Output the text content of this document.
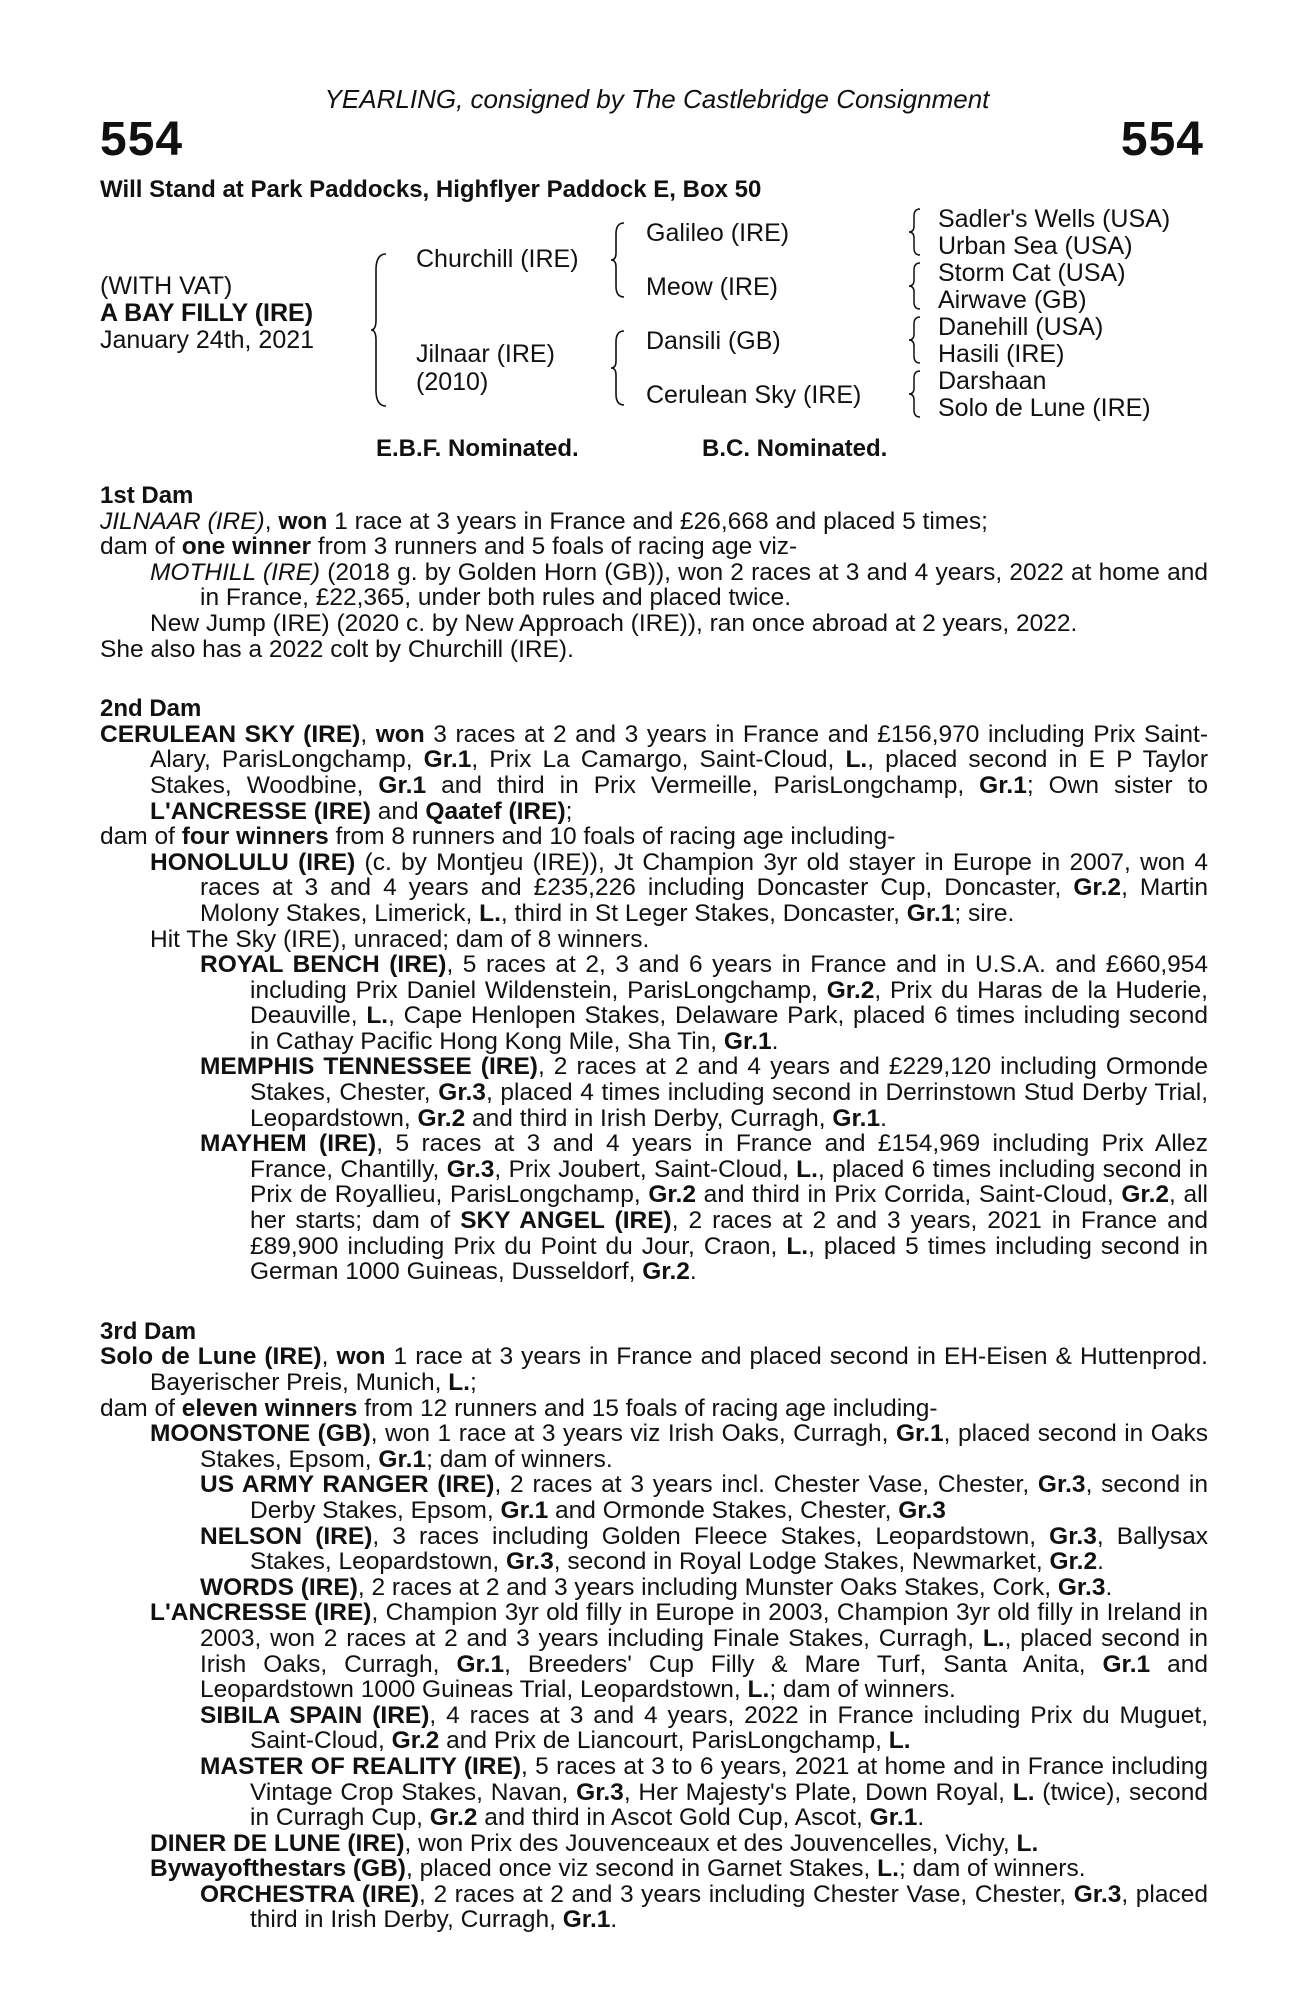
YEARLING, consigned by The Castlebridge Consignment
554	554
Will Stand at Park Paddocks, Highflyer Paddock E, Box 50
(WITH VAT)
A BAY FILLY (IRE)
January 24th, 2021
Churchill (IRE)
Jilnaar (IRE)
(2010)
Galileo (IRE)
Meow (IRE)
Dansili (GB)
Cerulean Sky (IRE)
Sadler's Wells (USA)
Urban Sea (USA)
Storm Cat (USA)
Airwave (GB)
Danehill (USA)
Hasili (IRE)
Darshaan
Solo de Lune (IRE)
E.B.F. Nominated.	B.C. Nominated.
1st Dam
JILNAAR (IRE), won 1 race at 3 years in France and £26,668 and placed 5 times;
dam of one winner from 3 runners and 5 foals of racing age viz-
MOTHILL (IRE) (2018 g. by Golden Horn (GB)), won 2 races at 3 and 4 years, 2022 at home and in France, £22,365, under both rules and placed twice.
New Jump (IRE) (2020 c. by New Approach (IRE)), ran once abroad at 2 years, 2022.
She also has a 2022 colt by Churchill (IRE).
2nd Dam
CERULEAN SKY (IRE), won 3 races at 2 and 3 years in France and £156,970 including Prix Saint-Alary, ParisLongchamp, Gr.1, Prix La Camargo, Saint-Cloud, L., placed second in E P Taylor Stakes, Woodbine, Gr.1 and third in Prix Vermeille, ParisLongchamp, Gr.1; Own sister to L'ANCRESSE (IRE) and Qaatef (IRE);
dam of four winners from 8 runners and 10 foals of racing age including-
HONOLULU (IRE) (c. by Montjeu (IRE)), Jt Champion 3yr old stayer in Europe in 2007, won 4 races at 3 and 4 years and £235,226 including Doncaster Cup, Doncaster, Gr.2, Martin Molony Stakes, Limerick, L., third in St Leger Stakes, Doncaster, Gr.1; sire.
Hit The Sky (IRE), unraced; dam of 8 winners.
ROYAL BENCH (IRE), 5 races at 2, 3 and 6 years in France and in U.S.A. and £660,954 including Prix Daniel Wildenstein, ParisLongchamp, Gr.2, Prix du Haras de la Huderie, Deauville, L., Cape Henlopen Stakes, Delaware Park, placed 6 times including second in Cathay Pacific Hong Kong Mile, Sha Tin, Gr.1.
MEMPHIS TENNESSEE (IRE), 2 races at 2 and 4 years and £229,120 including Ormonde Stakes, Chester, Gr.3, placed 4 times including second in Derrinstown Stud Derby Trial, Leopardstown, Gr.2 and third in Irish Derby, Curragh, Gr.1.
MAYHEM (IRE), 5 races at 3 and 4 years in France and £154,969 including Prix Allez France, Chantilly, Gr.3, Prix Joubert, Saint-Cloud, L., placed 6 times including second in Prix de Royallieu, ParisLongchamp, Gr.2 and third in Prix Corrida, Saint-Cloud, Gr.2, all her starts; dam of SKY ANGEL (IRE), 2 races at 2 and 3 years, 2021 in France and £89,900 including Prix du Point du Jour, Craon, L., placed 5 times including second in German 1000 Guineas, Dusseldorf, Gr.2.
3rd Dam
Solo de Lune (IRE), won 1 race at 3 years in France and placed second in EH-Eisen & Huttenprod. Bayerischer Preis, Munich, L.;
dam of eleven winners from 12 runners and 15 foals of racing age including-
MOONSTONE (GB), won 1 race at 3 years viz Irish Oaks, Curragh, Gr.1, placed second in Oaks Stakes, Epsom, Gr.1; dam of winners.
US ARMY RANGER (IRE), 2 races at 3 years incl. Chester Vase, Chester, Gr.3, second in Derby Stakes, Epsom, Gr.1 and Ormonde Stakes, Chester, Gr.3
NELSON (IRE), 3 races including Golden Fleece Stakes, Leopardstown, Gr.3, Ballysax Stakes, Leopardstown, Gr.3, second in Royal Lodge Stakes, Newmarket, Gr.2.
WORDS (IRE), 2 races at 2 and 3 years including Munster Oaks Stakes, Cork, Gr.3.
L'ANCRESSE (IRE), Champion 3yr old filly in Europe in 2003, Champion 3yr old filly in Ireland in 2003, won 2 races at 2 and 3 years including Finale Stakes, Curragh, L., placed second in Irish Oaks, Curragh, Gr.1, Breeders' Cup Filly & Mare Turf, Santa Anita, Gr.1 and Leopardstown 1000 Guineas Trial, Leopardstown, L.; dam of winners.
SIBILA SPAIN (IRE), 4 races at 3 and 4 years, 2022 in France including Prix du Muguet, Saint-Cloud, Gr.2 and Prix de Liancourt, ParisLongchamp, L.
MASTER OF REALITY (IRE), 5 races at 3 to 6 years, 2021 at home and in France including Vintage Crop Stakes, Navan, Gr.3, Her Majesty's Plate, Down Royal, L. (twice), second in Curragh Cup, Gr.2 and third in Ascot Gold Cup, Ascot, Gr.1.
DINER DE LUNE (IRE), won Prix des Jouvenceaux et des Jouvencelles, Vichy, L.
Bywayofthestars (GB), placed once viz second in Garnet Stakes, L.; dam of winners.
ORCHESTRA (IRE), 2 races at 2 and 3 years including Chester Vase, Chester, Gr.3, placed third in Irish Derby, Curragh, Gr.1.
